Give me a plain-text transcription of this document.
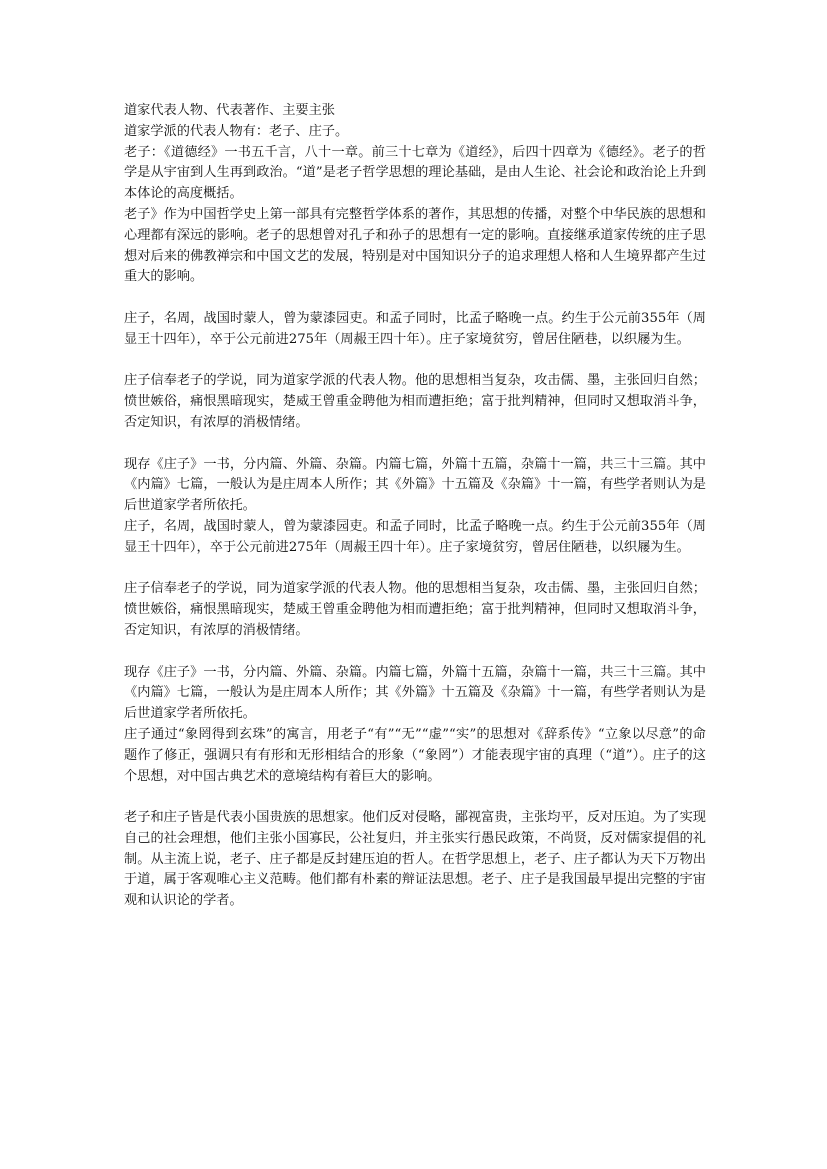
道家代表人物、代表著作、主要主张

道家学派的代表人物有：老子、庄子。
老子：《道德经》一书五千言，八十一章。前三十七章为《道经》，后四十四章为《德经》。老子的哲学是从宇宙到人生再到政治。“道”是老子哲学思想的理论基础，是由人生论、社会论和政治论上升到本体论的高度概括。
老子》作为中国哲学史上第一部具有完整哲学体系的著作，其思想的传播，对整个中华民族的思想和心理都有深远的影响。老子的思想曾对孔子和孙子的思想有一定的影响。直接继承道家传统的庄子思想对后来的佛教禅宗和中国文艺的发展，特别是对中国知识分子的追求理想人格和人生境界都产生过重大的影响。
庄子，名周，战国时蒙人，曾为蒙漆园吏。和孟子同时，比孟子略晚一点。约生于公元前355年（周显王十四年），卒于公元前进275年（周赧王四十年）。庄子家境贫穷，曾居住陋巷，以织屦为生。
庄子信奉老子的学说，同为道家学派的代表人物。他的思想相当复杂，攻击儒、墨，主张回归自然；愤世嫉俗，痛恨黑暗现实，楚威王曾重金聘他为相而遭拒绝；富于批判精神，但同时又想取消斗争，否定知识，有浓厚的消极情绪。
现存《庄子》一书，分内篇、外篇、杂篇。内篇七篇，外篇十五篇，杂篇十一篇，共三十三篇。其中《内篇》七篇，一般认为是庄周本人所作；其《外篇》十五篇及《杂篇》十一篇，有些学者则认为是后世道家学者所依托。
庄子，名周，战国时蒙人，曾为蒙漆园吏。和孟子同时，比孟子略晚一点。约生于公元前355年（周显王十四年），卒于公元前进275年（周赧王四十年）。庄子家境贫穷，曾居住陋巷，以织屦为生。
庄子信奉老子的学说，同为道家学派的代表人物。他的思想相当复杂，攻击儒、墨，主张回归自然；愤世嫉俗，痛恨黑暗现实，楚威王曾重金聘他为相而遭拒绝；富于批判精神，但同时又想取消斗争，否定知识，有浓厚的消极情绪。
现存《庄子》一书，分内篇、外篇、杂篇。内篇七篇，外篇十五篇，杂篇十一篇，共三十三篇。其中《内篇》七篇，一般认为是庄周本人所作；其《外篇》十五篇及《杂篇》十一篇，有些学者则认为是后世道家学者所依托。
庄子通过“象罔得到玄珠”的寓言，用老子“有”“无”“虚”“实”的思想对《辞系传》“立象以尽意”的命题作了修正，强调只有有形和无形相结合的形象（“象罔”）才能表现宇宙的真理（“道”）。庄子的这个思想，对中国古典艺术的意境结构有着巨大的影响。
老子和庄子皆是代表小国贵族的思想家。他们反对侵略，鄙视富贵，主张均平，反对压迫。为了实现自己的社会理想，他们主张小国寡民，公社复归，并主张实行愚民政策，不尚贤，反对儒家提倡的礼制。从主流上说，老子、庄子都是反封建压迫的哲人。在哲学思想上，老子、庄子都认为天下万物出于道，属于客观唯心主义范畴。他们都有朴素的辩证法思想。老子、庄子是我国最早提出完整的宇宙观和认识论的学者。
